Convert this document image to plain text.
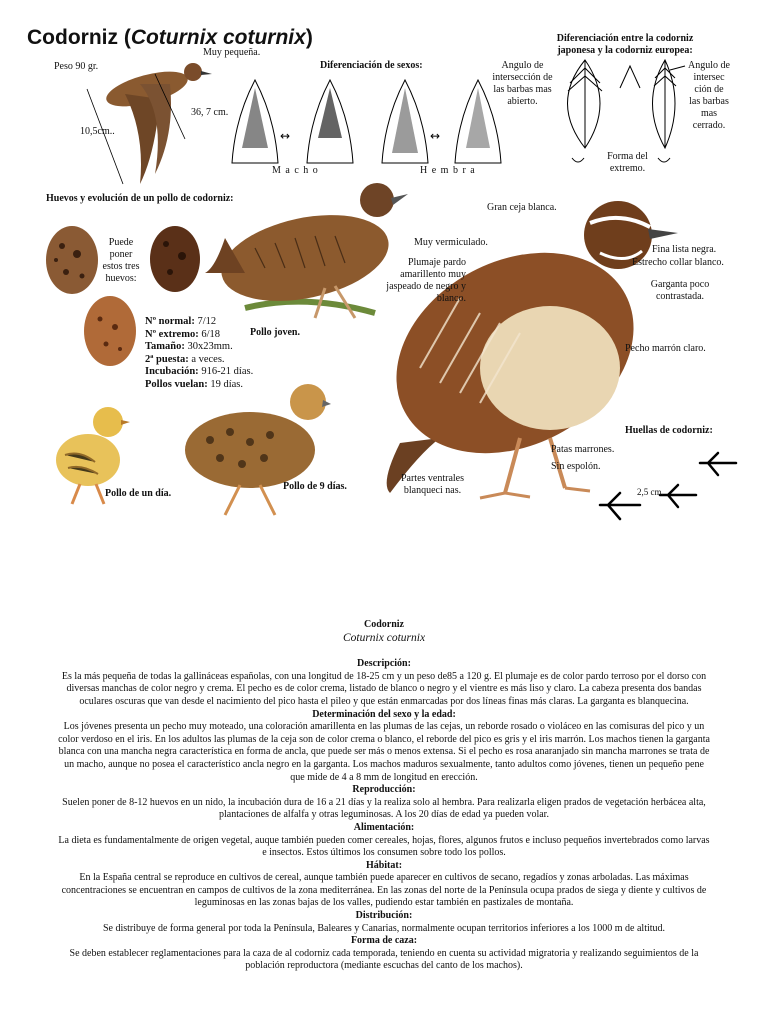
Codorniz (Coturnix coturnix)
Muy pequeña.
Peso 90 gr.
36, 7 cm.
10,5cm..
Diferenciación de sexos:
↔	↔
M a c h o	H e m b r a
Diferenciación entre la codorniz japonesa y la codorniz europea:
Angulo de intersección de las barbas mas abierto.
Angulo de intersec ción de las barbas mas cerrado.
Forma del extremo.
Huevos y evolución de un pollo de codorniz:
Puede poner estos tres huevos:
Pollo joven.
Nº normal: 7/12
Nº extremo: 6/18
Tamaño: 30x23mm.
2ª puesta: a veces.
Incubación: 916-21 días.
Pollos vuelan: 19 días.
Pollo de un día.
Pollo de 9 días.
Gran ceja blanca.
Muy vermiculado.
Plumaje pardo amarillento muy jaspeado de negro y blanco.
Fina lista negra.
Estrecho collar blanco.
Garganta poco contrastada.
Pecho marrón claro.
Huellas de codorniz:
Patas marrones.
Sin espolón.
Partes ventrales blanqueci nas.	2,5 cm.

Codorniz

Coturnix coturnix

Descripción:

Es la más pequeña de todas la gallináceas españolas, con una longitud de 18-25 cm y un peso de85 a 120 g. El plumaje es de color pardo terroso por el dorso con diversas manchas de color negro y crema. El pecho es de color crema, listado de blanco o negro y el vientre es más liso y claro. La cabeza presenta dos bandas oculares oscuras que van desde el nacimiento del pico hasta el pileo y que están enmarcadas por dos líneas finas más claras. La garganta es blanquecina.

Determinación del sexo y la edad:

Los jóvenes presenta un pecho muy moteado, una coloración amarillenta en las plumas de las cejas, un reborde rosado o violáceo en las comisuras del pico y un color verdoso en el iris. En los adultos las plumas de la ceja son de color crema o blanco, el reborde del pico es gris y el iris marrón. Los machos tienen la garganta blanca con una mancha negra característica en forma de ancla, que puede ser más o menos extensa. Si el pecho es rosa anaranjado sin mancha marrones se trata de un macho, aunque no posea el característico ancla negro en la garganta. Los machos maduros sexualmente, tanto adultos como jóvenes, tienen un pequeño pene que mide de 4 a 8 mm de longitud en erección.

Reproducción:

Suelen poner de 8-12 huevos en un nido, la incubación dura de 16 a 21 días y la realiza solo al hembra. Para realizarla eligen prados de vegetación herbácea alta, plantaciones de alfalfa y otras leguminosas. A los 20 días de edad ya pueden volar.

Alimentación:

La dieta es fundamentalmente de origen vegetal, auque también pueden comer cereales, hojas, flores, algunos frutos e incluso pequeños invertebrados como larvas e insectos. Estos últimos los consumen sobre todo los pollos.

Hábitat:

En la España central se reproduce en cultivos de cereal, aunque también puede aparecer en cultivos de secano, regadíos y zonas arboladas. Las máximas concentraciones se encuentran en campos de cultivos de la zona mediterránea. En las zonas del norte de la Península ocupa prados de siega y diente y cultivos de leguminosas en las zonas bajas de los valles, pudiendo estar también en pastizales de montaña.

Distribución:

Se distribuye de forma general por toda la Península, Baleares y Canarias, normalmente ocupan territorios inferiores a los 1000 m de altitud.

Forma de caza:

Se deben establecer reglamentaciones para la caza de al codorniz cada temporada, teniendo en cuenta su actividad migratoria y realizando seguimientos de la población reproductora (mediante escuchas del canto de los machos).
